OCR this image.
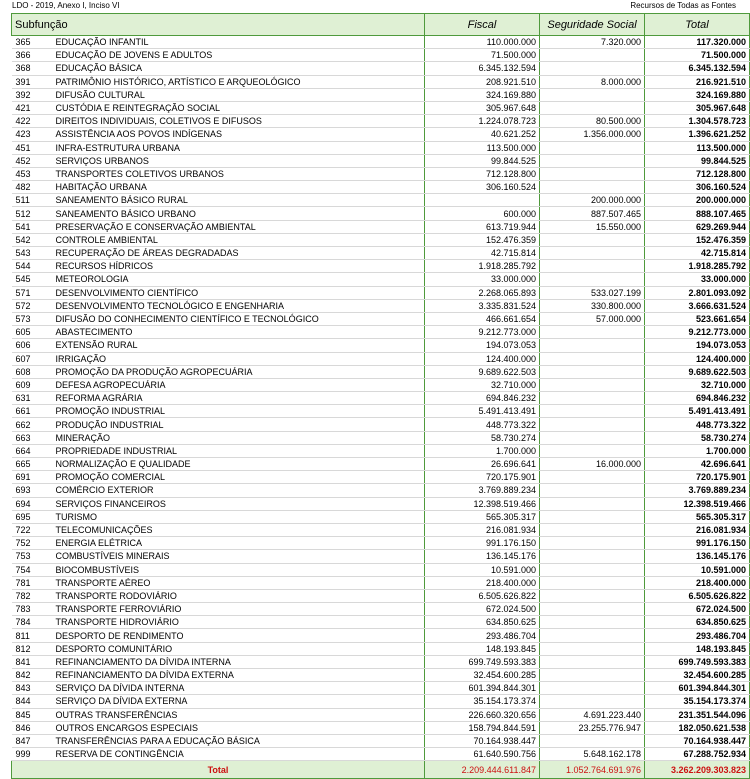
LDO - 2019, Anexo I, Inciso VI	Recursos de Todas as Fontes
Subfunção		Fiscal	Seguridade Social	Total
365	EDUCAÇÃO INFANTIL	110.000.000	7.320.000	117.320.000
366	EDUCAÇÃO DE JOVENS E ADULTOS	71.500.000		71.500.000
368	EDUCAÇÃO BÁSICA	6.345.132.594		6.345.132.594
391	PATRIMÔNIO HISTÓRICO, ARTÍSTICO E ARQUEOLÓGICO	208.921.510	8.000.000	216.921.510
392	DIFUSÃO CULTURAL	324.169.880		324.169.880
421	CUSTÓDIA E REINTEGRAÇÃO SOCIAL	305.967.648		305.967.648
422	DIREITOS INDIVIDUAIS, COLETIVOS E DIFUSOS	1.224.078.723	80.500.000	1.304.578.723
423	ASSISTÊNCIA AOS POVOS INDÍGENAS	40.621.252	1.356.000.000	1.396.621.252
451	INFRA-ESTRUTURA URBANA	113.500.000		113.500.000
452	SERVIÇOS URBANOS	99.844.525		99.844.525
453	TRANSPORTES COLETIVOS URBANOS	712.128.800		712.128.800
482	HABITAÇÃO URBANA	306.160.524		306.160.524
511	SANEAMENTO BÁSICO RURAL		200.000.000	200.000.000
512	SANEAMENTO BÁSICO URBANO	600.000	887.507.465	888.107.465
541	PRESERVAÇÃO E CONSERVAÇÃO AMBIENTAL	613.719.944	15.550.000	629.269.944
542	CONTROLE AMBIENTAL	152.476.359		152.476.359
543	RECUPERAÇÃO DE ÁREAS DEGRADADAS	42.715.814		42.715.814
544	RECURSOS HÍDRICOS	1.918.285.792		1.918.285.792
545	METEOROLOGIA	33.000.000		33.000.000
571	DESENVOLVIMENTO CIENTÍFICO	2.268.065.893	533.027.199	2.801.093.092
572	DESENVOLVIMENTO TECNOLÓGICO E ENGENHARIA	3.335.831.524	330.800.000	3.666.631.524
573	DIFUSÃO DO CONHECIMENTO CIENTÍFICO E TECNOLÓGICO	466.661.654	57.000.000	523.661.654
605	ABASTECIMENTO	9.212.773.000		9.212.773.000
606	EXTENSÃO RURAL	194.073.053		194.073.053
607	IRRIGAÇÃO	124.400.000		124.400.000
608	PROMOÇÃO DA PRODUÇÃO AGROPECUÁRIA	9.689.622.503		9.689.622.503
609	DEFESA AGROPECUÁRIA	32.710.000		32.710.000
631	REFORMA AGRÁRIA	694.846.232		694.846.232
661	PROMOÇÃO INDUSTRIAL	5.491.413.491		5.491.413.491
662	PRODUÇÃO INDUSTRIAL	448.773.322		448.773.322
663	MINERAÇÃO	58.730.274		58.730.274
664	PROPRIEDADE INDUSTRIAL	1.700.000		1.700.000
665	NORMALIZAÇÃO E QUALIDADE	26.696.641	16.000.000	42.696.641
691	PROMOÇÃO COMERCIAL	720.175.901		720.175.901
693	COMÉRCIO EXTERIOR	3.769.889.234		3.769.889.234
694	SERVIÇOS FINANCEIROS	12.398.519.466		12.398.519.466
695	TURISMO	565.305.317		565.305.317
722	TELECOMUNICAÇÕES	216.081.934		216.081.934
752	ENERGIA ELÉTRICA	991.176.150		991.176.150
753	COMBUSTÍVEIS MINERAIS	136.145.176		136.145.176
754	BIOCOMBUSTÍVEIS	10.591.000		10.591.000
781	TRANSPORTE AÉREO	218.400.000		218.400.000
782	TRANSPORTE RODOVIÁRIO	6.505.626.822		6.505.626.822
783	TRANSPORTE FERROVIÁRIO	672.024.500		672.024.500
784	TRANSPORTE HIDROVIÁRIO	634.850.625		634.850.625
811	DESPORTO DE RENDIMENTO	293.486.704		293.486.704
812	DESPORTO COMUNITÁRIO	148.193.845		148.193.845
841	REFINANCIAMENTO DA DÍVIDA INTERNA	699.749.593.383		699.749.593.383
842	REFINANCIAMENTO DA DÍVIDA EXTERNA	32.454.600.285		32.454.600.285
843	SERVIÇO DA DÍVIDA INTERNA	601.394.844.301		601.394.844.301
844	SERVIÇO DA DÍVIDA EXTERNA	35.154.173.374		35.154.173.374
845	OUTRAS TRANSFERÊNCIAS	226.660.320.656	4.691.223.440	231.351.544.096
846	OUTROS ENCARGOS ESPECIAIS	158.794.844.591	23.255.776.947	182.050.621.538
847	TRANSFERÊNCIAS PARA A EDUCAÇÃO BÁSICA	70.164.938.447		70.164.938.447
999	RESERVA DE CONTINGÊNCIA	61.640.590.756	5.648.162.178	67.288.752.934
Total		2.209.444.611.847	1.052.764.691.976	3.262.209.303.823
